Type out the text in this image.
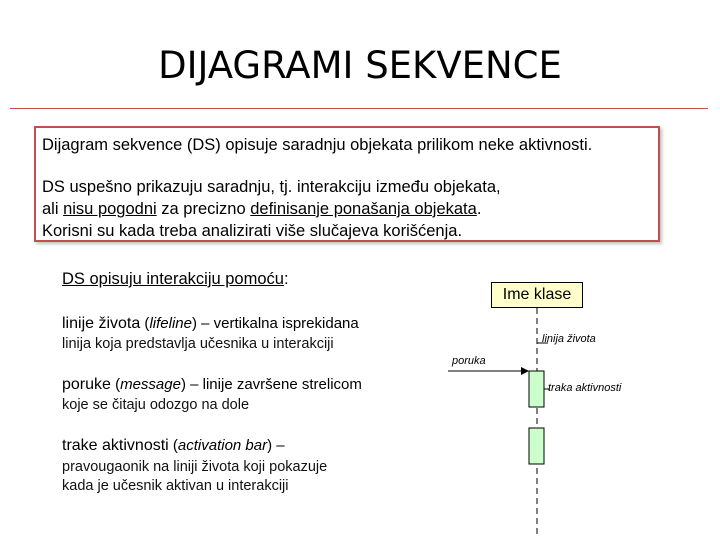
DIJAGRAMI SEKVENCE
Dijagram sekvence (DS) opisuje saradnju objekata prilikom neke aktivnosti.
DS uspešno prikazuju saradnju, tj. interakciju između objekata,
ali nisu pogodni za precizno definisanje ponašanja objekata.
Korisni su kada treba analizirati više slučajeva korišćenja.
DS opisuju interakciju pomoću:
linije života (lifeline) – vertikalna isprekidana
linija koja predstavlja učesnika u interakciji
poruke (message) – linije završene strelicom
koje se čitaju odozgo na dole
trake aktivnosti (activation bar) –
pravougaonik na liniji života koji pokazuje
kada je učesnik aktivan u interakciji
Ime klase
linija života
poruka
traka aktivnosti
